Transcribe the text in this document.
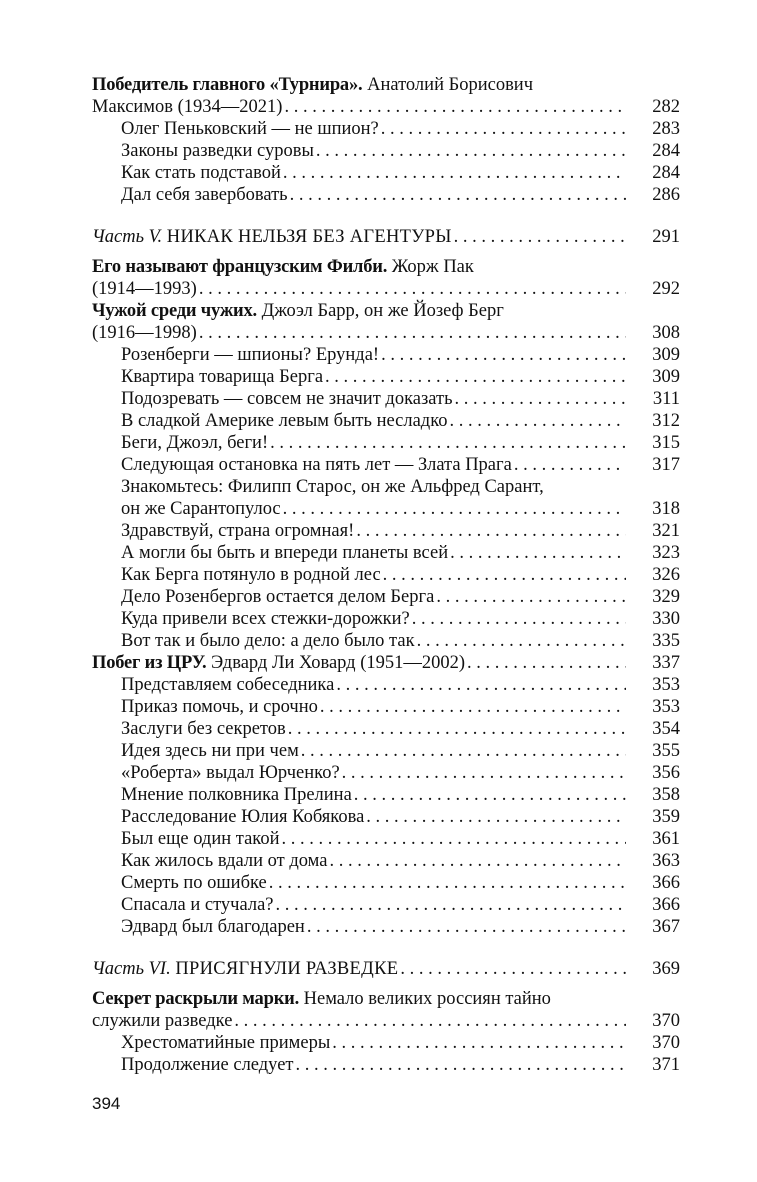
Победитель главного «Турнира». Анатолий Борисович
Максимов (1934—2021) . . .	282
Олег Пеньковский — не шпион? . . .	283
Законы разведки суровы . . .	284
Как стать подставой . . .	284
Дал себя завербовать . . .	286
Часть V. НИКАК НЕЛЬЗЯ БЕЗ АГЕНТУРЫ . . .	291
Его называют французским Филби. Жорж Пак
(1914—1993) . . .	292
Чужой среди чужих. Джоэл Барр, он же Йозеф Берг
(1916—1998) . . .	308
Розенберги — шпионы? Ерунда! . . .	309
Квартира товарища Берга . . .	309
Подозревать — совсем не значит доказать . . .	311
В сладкой Америке левым быть несладко . . .	312
Беги, Джоэл, беги! . . .	315
Следующая остановка на пять лет — Злата Прага . . .	317
Знакомьтесь: Филипп Старос, он же Альфред Сарант,
он же Сарантопулос . . .	318
Здравствуй, страна огромная! . . .	321
А могли бы быть и впереди планеты всей . . .	323
Как Берга потянуло в родной лес . . .	326
Дело Розенбергов остается делом Берга . . .	329
Куда привели всех стежки-дорожки? . . .	330
Вот так и было дело: а дело было так . . .	335
Побег из ЦРУ. Эдвард Ли Ховард (1951—2002) . . .	337
Представляем собеседника . . .	353
Приказ помочь, и срочно . . .	353
Заслуги без секретов . . .	354
Идея здесь ни при чем . . .	355
«Роберта» выдал Юрченко? . . .	356
Мнение полковника Прелина . . .	358
Расследование Юлия Кобякова . . .	359
Был еще один такой . . .	361
Как жилось вдали от дома . . .	363
Смерть по ошибке . . .	366
Спасала и стучала? . . .	366
Эдвард был благодарен . . .	367
Часть VI. ПРИСЯГНУЛИ РАЗВЕДКЕ . . .	369
Секрет раскрыли марки. Немало великих россиян тайно
служили разведке . . .	370
Хрестоматийные примеры . . .	370
Продолжение следует . . .	371
394
